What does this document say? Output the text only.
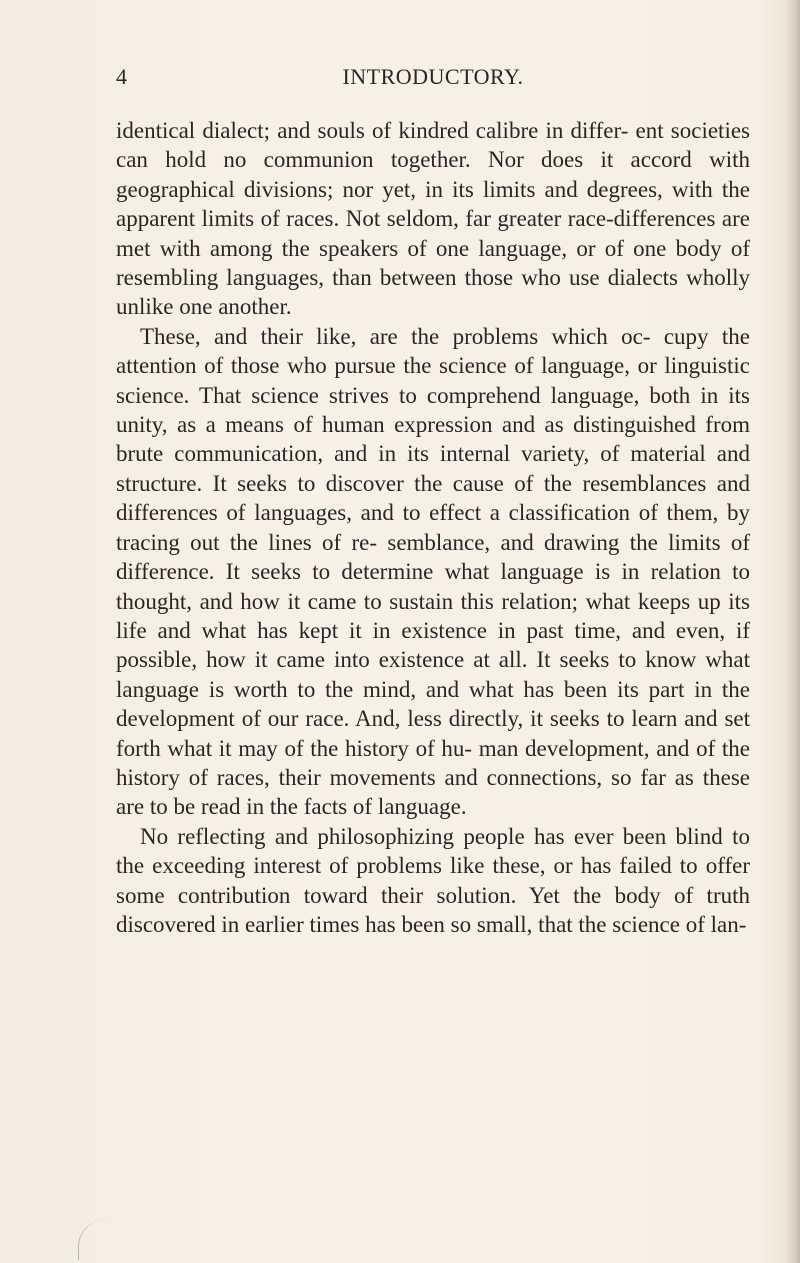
4	INTRODUCTORY.

identical dialect; and souls of kindred calibre in differ- ent societies can hold no communion together. Nor does it accord with geographical divisions; nor yet, in its limits and degrees, with the apparent limits of races. Not seldom, far greater race-differences are met with among the speakers of one language, or of one body of resembling languages, than between those who use dialects wholly unlike one another.

These, and their like, are the problems which oc- cupy the attention of those who pursue the science of language, or linguistic science. That science strives to comprehend language, both in its unity, as a means of human expression and as distinguished from brute communication, and in its internal variety, of material and structure. It seeks to discover the cause of the resemblances and differences of languages, and to effect a classification of them, by tracing out the lines of re- semblance, and drawing the limits of difference. It seeks to determine what language is in relation to thought, and how it came to sustain this relation; what keeps up its life and what has kept it in existence in past time, and even, if possible, how it came into existence at all. It seeks to know what language is worth to the mind, and what has been its part in the development of our race. And, less directly, it seeks to learn and set forth what it may of the history of hu- man development, and of the history of races, their movements and connections, so far as these are to be read in the facts of language.

No reflecting and philosophizing people has ever been blind to the exceeding interest of problems like these, or has failed to offer some contribution toward their solution. Yet the body of truth discovered in earlier times has been so small, that the science of lan-
